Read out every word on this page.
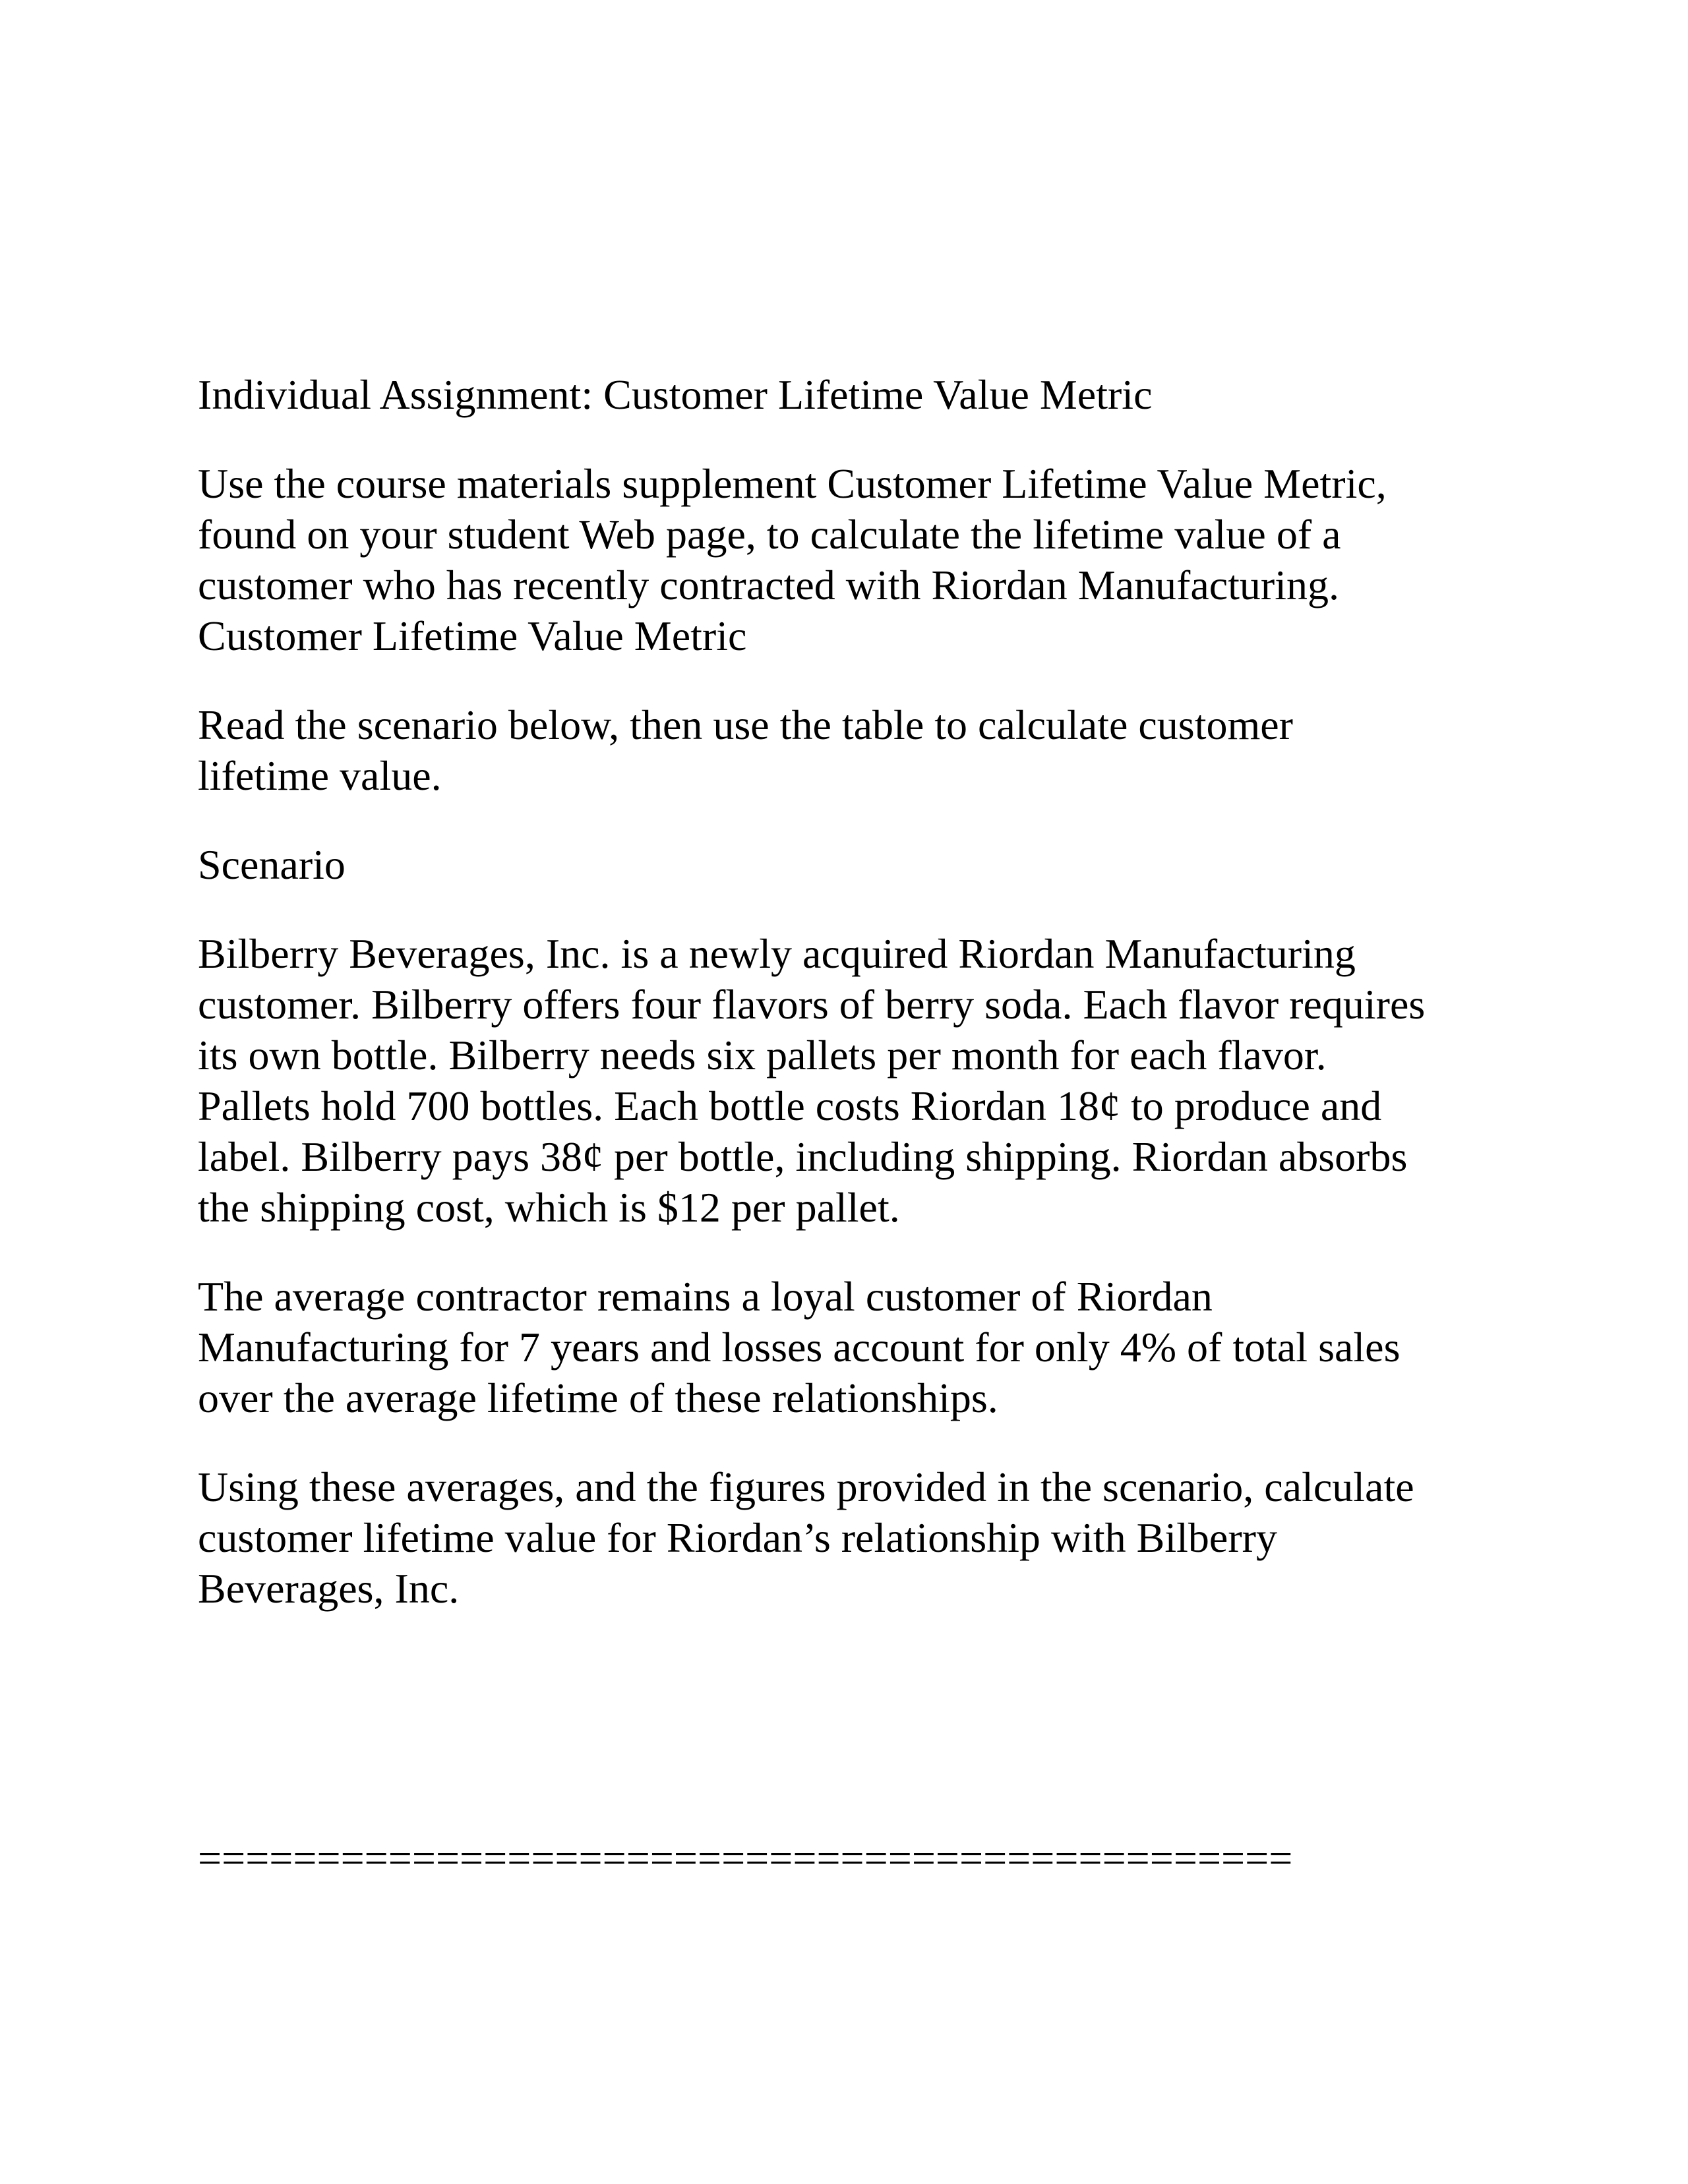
Individual Assignment: Customer Lifetime Value Metric

Use the course materials supplement Customer Lifetime Value Metric,
found on your student Web page, to calculate the lifetime value of a
customer who has recently contracted with Riordan Manufacturing.
Customer Lifetime Value Metric

Read the scenario below, then use the table to calculate customer
lifetime value.

Scenario

Bilberry Beverages, Inc. is a newly acquired Riordan Manufacturing
customer. Bilberry offers four flavors of berry soda. Each flavor requires
its own bottle. Bilberry needs six pallets per month for each flavor.
Pallets hold 700 bottles. Each bottle costs Riordan 18¢ to produce and
label. Bilberry pays 38¢ per bottle, including shipping. Riordan absorbs
the shipping cost, which is $12 per pallet.

The average contractor remains a loyal customer of Riordan
Manufacturing for 7 years and losses account for only 4% of total sales
over the average lifetime of these relationships.

Using these averages, and the figures provided in the scenario, calculate
customer lifetime value for Riordan’s relationship with Bilberry
Beverages, Inc.

==============================================
